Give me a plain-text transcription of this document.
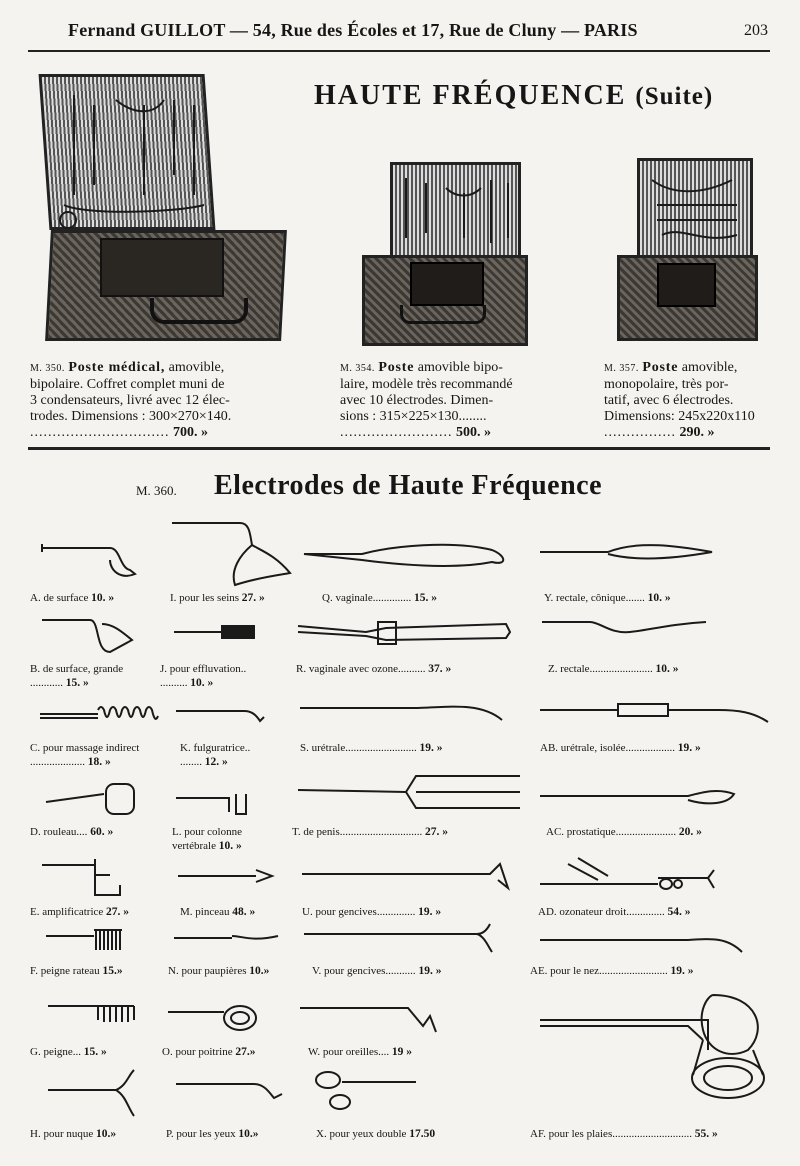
Fernand GUILLOT — 54, Rue des Écoles et 17, Rue de Cluny — PARIS	203
HAUTE FRÉQUENCE (Suite)
M. 350. Poste médical, amovible,
bipolaire. Coffret complet muni de
3 condensateurs, livré avec 12 élec-
trodes. Dimensions : 300×270×140.
............................... 700. »
M. 354. Poste amovible bipo-
laire, modèle très recommandé
avec 10 électrodes. Dimen-
sions : 315×225×130........
......................... 500. »
M. 357. Poste amovible,
monopolaire, très por-
tatif, avec 6 électrodes.
Dimensions: 245x220x110
................ 290. »
M. 360. Electrodes de Haute Fréquence
A. de surface 10. »
B. de surface, grande
............ 15. »
C. pour massage indirect
.................... 18. »
D. rouleau.... 60. »
E. amplificatrice 27. »
F. peigne rateau 15.»
G. peigne... 15. »
H. pour nuque 10.»
I. pour les seins 27. »
J. pour effluvation..
.......... 10. »
K. fulguratrice..
........ 12. »
L. pour colonne
vertébrale 10. »
M. pinceau 48. »
N. pour paupières 10.»
O. pour poitrine 27.»
P. pour les yeux 10.»
Q. vaginale.............. 15. »
R. vaginale avec ozone.......... 37. »
S. urétrale.......................... 19. »
T. de penis.............................. 27. »
U. pour gencives.............. 19. »
V. pour gencives........... 19. »
W. pour oreilles.... 19 »
X. pour yeux double 17.50
Y. rectale, cônique....... 10. »
Z. rectale....................... 10. »
AB. urétrale, isolée.................. 19. »
AC. prostatique...................... 20. »
AD. ozonateur droit.............. 54. »
AE. pour le nez......................... 19. »
AF. pour les plaies............................. 55. »
